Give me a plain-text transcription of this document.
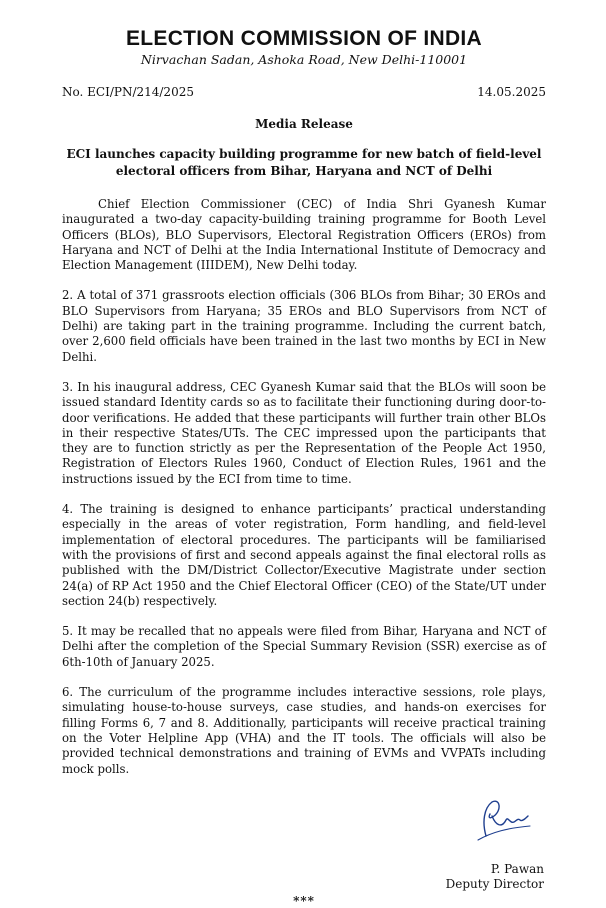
ELECTION COMMISSION OF INDIA

Nirvachan Sadan, Ashoka Road, New Delhi-110001

No. ECI/PN/214/2025	14.05.2025
Media Release
ECI launches capacity building programme for new batch of field-level
electoral officers from Bihar, Haryana and NCT of Delhi

Chief Election Commissioner (CEC) of India Shri Gyanesh Kumar inaugurated a two-day capacity-building training programme for Booth Level Officers (BLOs), BLO Supervisors, Electoral Registration Officers (EROs) from Haryana and NCT of Delhi at the India International Institute of Democracy and Election Management (IIIDEM), New Delhi today.

2. A total of 371 grassroots election officials (306 BLOs from Bihar; 30 EROs and BLO Supervisors from Haryana; 35 EROs and BLO Supervisors from NCT of Delhi) are taking part in the training programme. Including the current batch, over 2,600 field officials have been trained in the last two months by ECI in New Delhi.

3. In his inaugural address, CEC Gyanesh Kumar said that the BLOs will soon be issued standard Identity cards so as to facilitate their functioning during door-to-door verifications. He added that these participants will further train other BLOs in their respective States/UTs. The CEC impressed upon the participants that they are to function strictly as per the Representation of the People Act 1950, Registration of Electors Rules 1960, Conduct of Election Rules, 1961 and the instructions issued by the ECI from time to time.

4. The training is designed to enhance participants’ practical understanding especially in the areas of voter registration, Form handling, and field-level implementation of electoral procedures. The participants will be familiarised with the provisions of first and second appeals against the final electoral rolls as published with the DM/District Collector/Executive Magistrate under section 24(a) of RP Act 1950 and the Chief Electoral Officer (CEO) of the State/UT under section 24(b) respectively.

5. It may be recalled that no appeals were filed from Bihar, Haryana and NCT of Delhi after the completion of the Special Summary Revision (SSR) exercise as of 6th-10th of January 2025.

6. The curriculum of the programme includes interactive sessions, role plays, simulating house-to-house surveys, case studies, and hands-on exercises for filling Forms 6, 7 and 8. Additionally, participants will receive practical training on the Voter Helpline App (VHA) and the IT tools. The officials will also be provided technical demonstrations and training of EVMs and VVPATs including mock polls.

P. Pawan
Deputy Director
***
